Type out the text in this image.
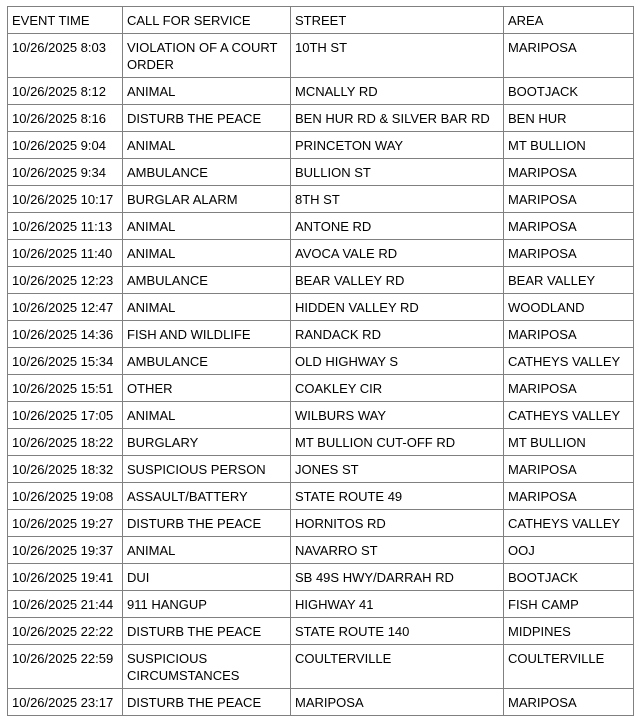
EVENT TIME	CALL FOR SERVICE	STREET	AREA
10/26/2025 8:03	VIOLATION OF A COURT ORDER	10TH ST	MARIPOSA
10/26/2025 8:12	ANIMAL	MCNALLY RD	BOOTJACK
10/26/2025 8:16	DISTURB THE PEACE	BEN HUR RD & SILVER BAR RD	BEN HUR
10/26/2025 9:04	ANIMAL	PRINCETON WAY	MT BULLION
10/26/2025 9:34	AMBULANCE	BULLION ST	MARIPOSA
10/26/2025 10:17	BURGLAR ALARM	8TH ST	MARIPOSA
10/26/2025 11:13	ANIMAL	ANTONE RD	MARIPOSA
10/26/2025 11:40	ANIMAL	AVOCA VALE RD	MARIPOSA
10/26/2025 12:23	AMBULANCE	BEAR VALLEY RD	BEAR VALLEY
10/26/2025 12:47	ANIMAL	HIDDEN VALLEY RD	WOODLAND
10/26/2025 14:36	FISH AND WILDLIFE	RANDACK RD	MARIPOSA
10/26/2025 15:34	AMBULANCE	OLD HIGHWAY S	CATHEYS VALLEY
10/26/2025 15:51	OTHER	COAKLEY CIR	MARIPOSA
10/26/2025 17:05	ANIMAL	WILBURS WAY	CATHEYS VALLEY
10/26/2025 18:22	BURGLARY	MT BULLION CUT-OFF RD	MT BULLION
10/26/2025 18:32	SUSPICIOUS PERSON	JONES ST	MARIPOSA
10/26/2025 19:08	ASSAULT/BATTERY	STATE ROUTE 49	MARIPOSA
10/26/2025 19:27	DISTURB THE PEACE	HORNITOS RD	CATHEYS VALLEY
10/26/2025 19:37	ANIMAL	NAVARRO ST	OOJ
10/26/2025 19:41	DUI	SB 49S HWY/DARRAH RD	BOOTJACK
10/26/2025 21:44	911 HANGUP	HIGHWAY 41	FISH CAMP
10/26/2025 22:22	DISTURB THE PEACE	STATE ROUTE 140	MIDPINES
10/26/2025 22:59	SUSPICIOUS CIRCUMSTANCES	COULTERVILLE	COULTERVILLE
10/26/2025 23:17	DISTURB THE PEACE	MARIPOSA	MARIPOSA
